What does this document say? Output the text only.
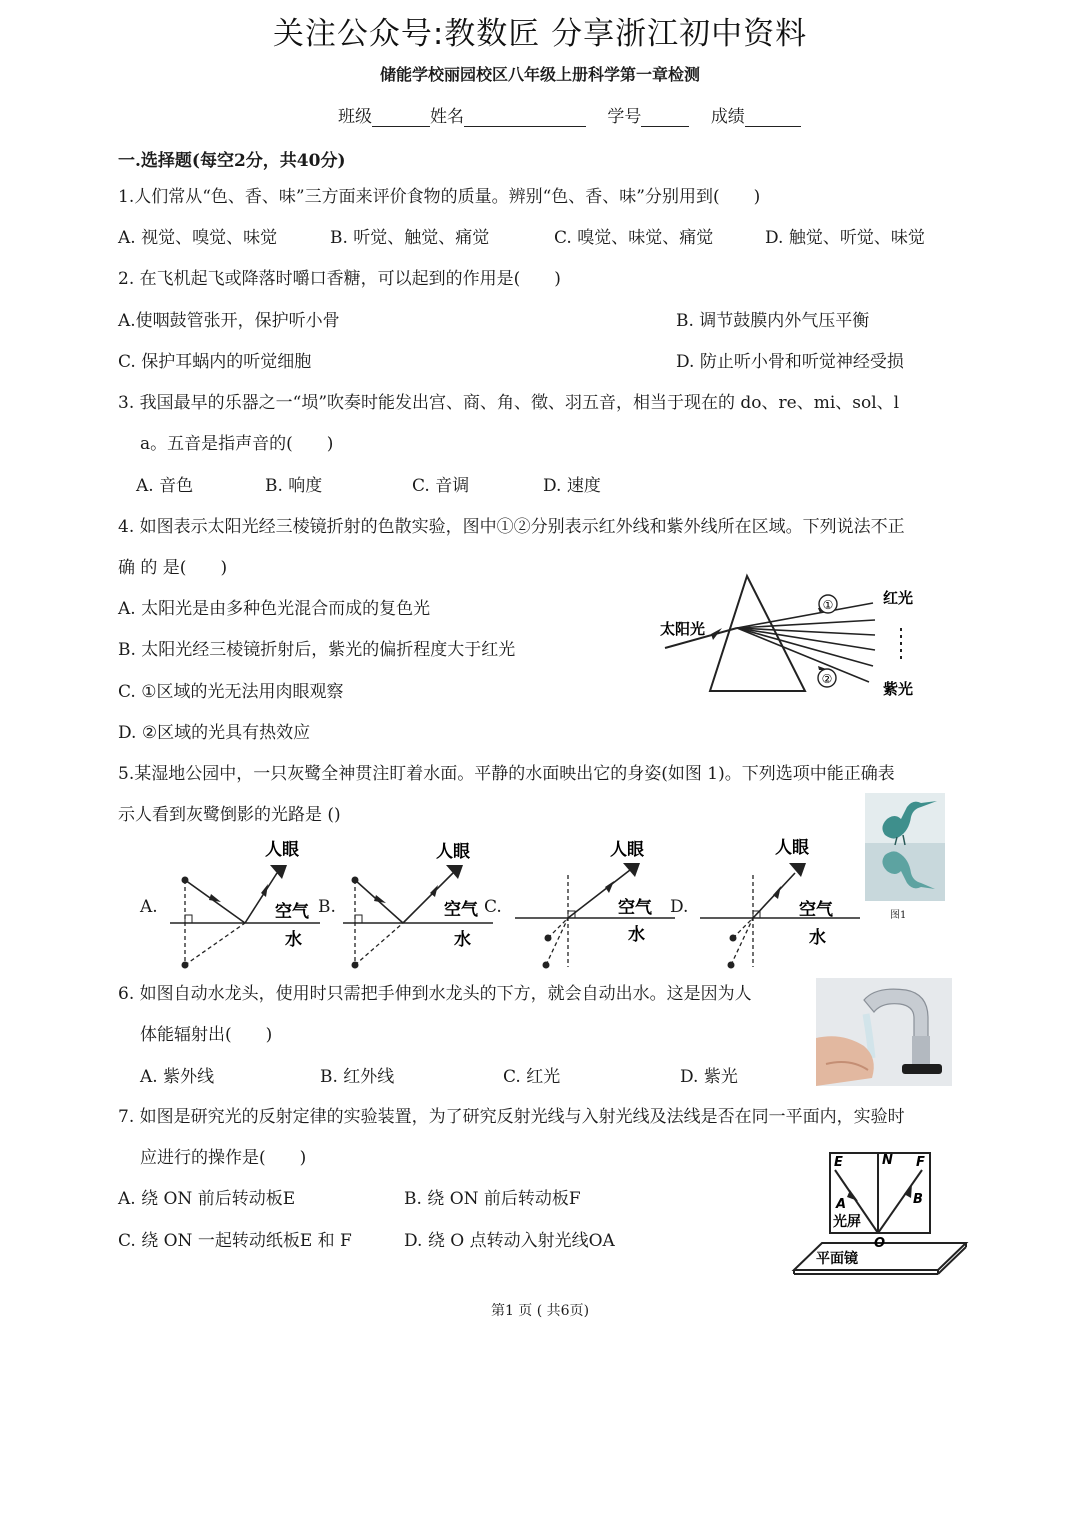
关注公众号:教数匠 分享浙江初中资料
储能学校丽园校区八年级上册科学第一章检测
班级	姓名	学号	成绩
一.选择题(每空2分，共40分)
1.人们常从“色、香、味”三方面来评价食物的质量。辨别“色、香、味”分别用到(　　)
A. 视觉、嗅觉、味觉	B. 听觉、触觉、痛觉	C. 嗅觉、味觉、痛觉	D. 触觉、听觉、味觉
2. 在飞机起飞或降落时嚼口香糖，可以起到的作用是(　　)
A.使咽鼓管张开，保护听小骨	B. 调节鼓膜内外气压平衡
C. 保护耳蜗内的听觉细胞	D. 防止听小骨和听觉神经受损
3. 我国最早的乐器之一“埙”吹奏时能发出宫、商、角、徵、羽五音，相当于现在的 do、re、mi、sol、l
a。五音是指声音的(　　)
A. 音色	B. 响度	C. 音调	D. 速度
4. 如图表示太阳光经三棱镜折射的色散实验，图中①②分别表示红外线和紫外线所在区域。下列说法不正
确 的 是(　　)
A. 太阳光是由多种色光混合而成的复色光
B. 太阳光经三棱镜折射后，紫光的偏折程度大于红光
C. ①区域的光无法用肉眼观察
D. ②区域的光具有热效应
①
②
太阳光
红光
紫光
5.某湿地公园中，一只灰鹭全神贯注盯着水面。平静的水面映出它的身姿(如图 1)。下列选项中能正确表
示人看到灰鹭倒影的光路是 ()
A.
人眼
空气
水
B.
人眼
空气
水
C.
人眼
空气
水
D.
人眼
空气
水
图1
6. 如图自动水龙头，使用时只需把手伸到水龙头的下方，就会自动出水。这是因为人
体能辐射出(　　)
A. 紫外线	B. 红外线	C. 红光	D. 紫光
7. 如图是研究光的反射定律的实验装置，为了研究反射光线与入射光线及法线是否在同一平面内，实验时
应进行的操作是(　　)
A. 绕 ON 前后转动板E	B. 绕 ON 前后转动板F
C. 绕 ON 一起转动纸板E 和 F	D. 绕 O 点转动入射光线OA
E	N F
A	B
O
光屏
平面镜
第1 页 ( 共6页)
